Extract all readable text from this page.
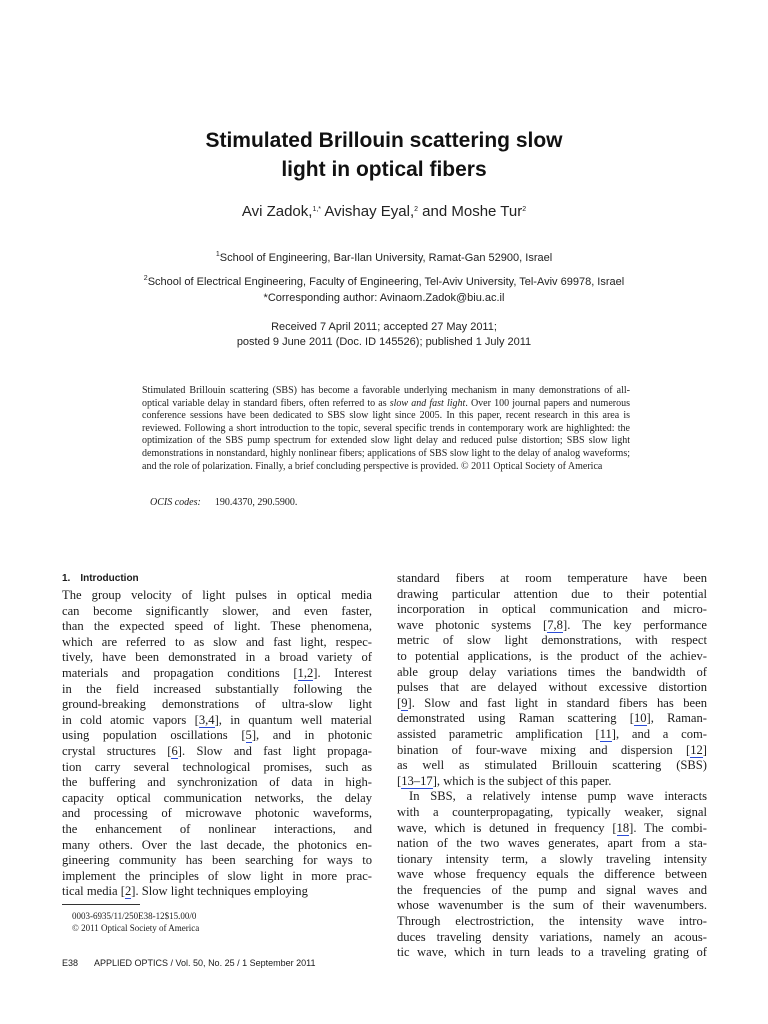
Stimulated Brillouin scattering slow
light in optical fibers
Avi Zadok,$^{1,*}$ Avishay Eyal,$^2$ and Moshe Tur$^2$
$^1$School of Engineering, Bar-Ilan University, Ramat-Gan 52900, Israel
$^2$School of Electrical Engineering, Faculty of Engineering, Tel-Aviv University, Tel-Aviv 69978, Israel
*Corresponding author: Avinaom.Zadok@biu.ac.il
Received 7 April 2011; accepted 27 May 2011;
posted 9 June 2011 (Doc. ID 145526); published 1 July 2011
Stimulated Brillouin scattering (SBS) has become a favorable underlying mechanism in many demonstrations of all-optical variable delay in standard fibers, often referred to as slow and fast light. Over 100 journal papers and numerous conference sessions have been dedicated to SBS slow light since 2005. In this paper, recent research in this area is reviewed. Following a short introduction to the topic, several specific trends in contemporary work are highlighted: the optimization of the SBS pump spectrum for extended slow light delay and reduced pulse distortion; SBS slow light demonstrations in nonstandard, highly nonlinear fibers; applications of SBS slow light to the delay of analog waveforms; and the role of polarization. Finally, a brief concluding perspective is provided. © 2011 Optical Society of America
OCIS codes: 190.4370, 290.5900.
1. Introduction
The group velocity of light pulses in optical media
can become significantly slower, and even faster,
than the expected speed of light. These phenomena,
which are referred to as slow and fast light, respec-
tively, have been demonstrated in a broad variety of
materials and propagation conditions [1,2]. Interest
in the field increased substantially following the
ground-breaking demonstrations of ultra-slow light
in cold atomic vapors [3,4], in quantum well material
using population oscillations [5], and in photonic
crystal structures [6]. Slow and fast light propaga-
tion carry several technological promises, such as
the buffering and synchronization of data in high-
capacity optical communication networks, the delay
and processing of microwave photonic waveforms,
the enhancement of nonlinear interactions, and
many others. Over the last decade, the photonics en-
gineering community has been searching for ways to
implement the principles of slow light in more prac-
tical media [2]. Slow light techniques employing
standard fibers at room temperature have been
drawing particular attention due to their potential
incorporation in optical communication and micro-
wave photonic systems [7,8]. The key performance
metric of slow light demonstrations, with respect
to potential applications, is the product of the achiev-
able group delay variations times the bandwidth of
pulses that are delayed without excessive distortion
[9]. Slow and fast light in standard fibers has been
demonstrated using Raman scattering [10], Raman-
assisted parametric amplification [11], and a com-
bination of four-wave mixing and dispersion [12]
as well as stimulated Brillouin scattering (SBS)
[13–17], which is the subject of this paper.
In SBS, a relatively intense pump wave interacts
with a counterpropagating, typically weaker, signal
wave, which is detuned in frequency [18]. The combi-
nation of the two waves generates, apart from a sta-
tionary intensity term, a slowly traveling intensity
wave whose frequency equals the difference between
the frequencies of the pump and signal waves and
whose wavenumber is the sum of their wavenumbers.
Through electrostriction, the intensity wave intro-
duces traveling density variations, namely an acous-
tic wave, which in turn leads to a traveling grating of
0003-6935/11/250E38-12$15.00/0
© 2011 Optical Society of America
E38 APPLIED OPTICS / Vol. 50, No. 25 / 1 September 2011
